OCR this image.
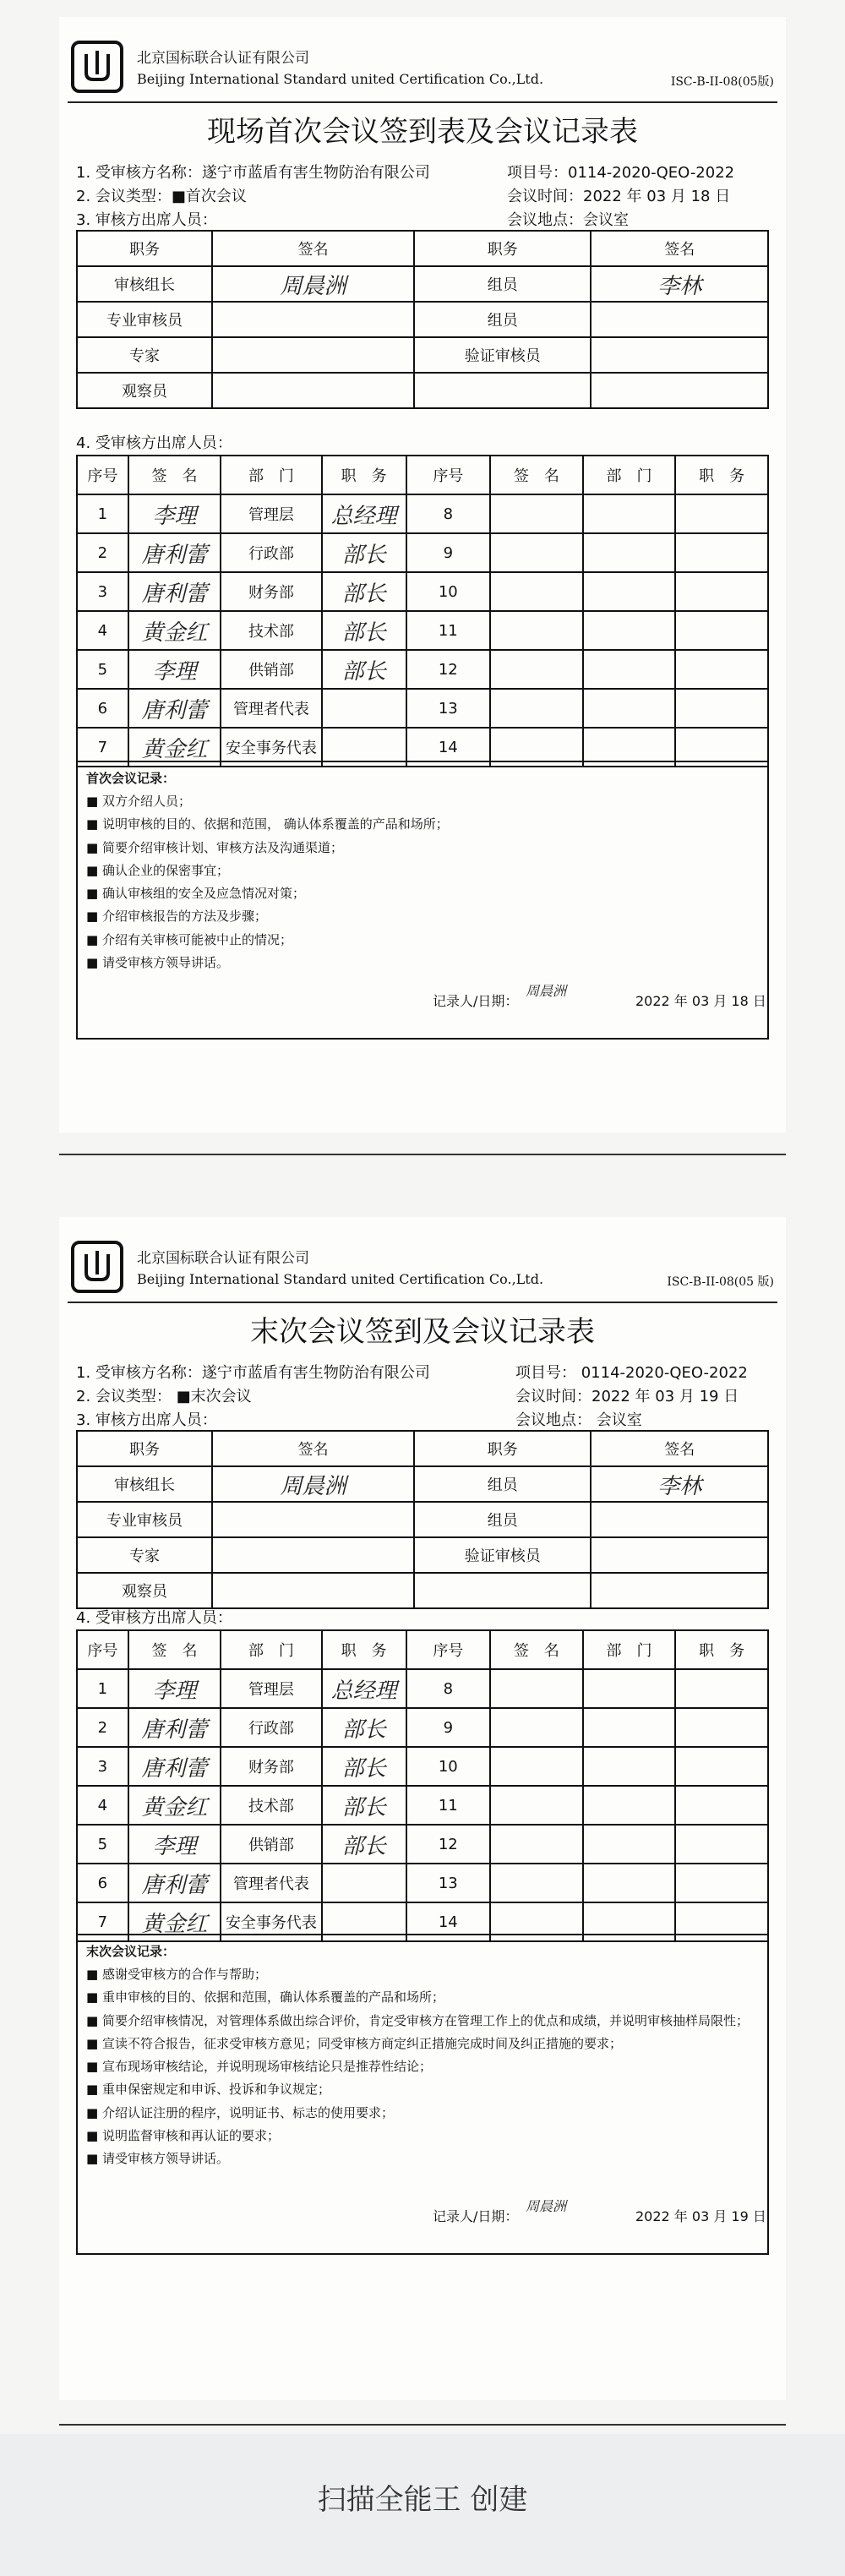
北京国标联合认证有限公司
Beijing International Standard united Certification Co.,Ltd.	ISC-B-II-08(05版)
现场首次会议签到表及会议记录表
1. 受审核方名称：遂宁市蓝盾有害生物防治有限公司	项目号：0114-2020-QEO-2022
2. 会议类型：■首次会议	会议时间：2022 年 03 月 18 日
3. 审核方出席人员：	会议地点：会议室
职务	签名	职务	签名
审核组长	周晨洲	组员	李林
专业审核员		组员	
专家		验证审核员	
观察员			
4. 受审核方出席人员：
序号	签　名	部　门	职　务	序号	签　名	部　门	职　务
1	李理	管理层	总经理	8			
2	唐利蕾	行政部	部长	9			
3	唐利蕾	财务部	部长	10			
4	黄金红	技术部	部长	11			
5	李理	供销部	部长	12			
6	唐利蕾	管理者代表		13			
7	黄金红	安全事务代表		14			
首次会议记录：
■ 双方介绍人员；
■ 说明审核的目的、依据和范围， 确认体系覆盖的产品和场所；
■ 简要介绍审核计划、审核方法及沟通渠道；
■ 确认企业的保密事宜；
■ 确认审核组的安全及应急情况对策；
■ 介绍审核报告的方法及步骤；
■ 介绍有关审核可能被中止的情况；
■ 请受审核方领导讲话。
记录人/日期：
周晨洲
2022 年 03 月 18 日
北京国标联合认证有限公司
Beijing International Standard united Certification Co.,Ltd.	ISC-B-II-08(05 版)
末次会议签到及会议记录表
1. 受审核方名称：遂宁市蓝盾有害生物防治有限公司	项目号： 0114-2020-QEO-2022
2. 会议类型： ■末次会议	会议时间：2022 年 03 月 19 日
3. 审核方出席人员：	会议地点： 会议室
职务	签名	职务	签名
审核组长	周晨洲	组员	李林
专业审核员		组员	
专家		验证审核员	
观察员			
4. 受审核方出席人员：
序号	签　名	部　门	职　务	序号	签　名	部　门	职　务
1	李理	管理层	总经理	8			
2	唐利蕾	行政部	部长	9			
3	唐利蕾	财务部	部长	10			
4	黄金红	技术部	部长	11			
5	李理	供销部	部长	12			
6	唐利蕾	管理者代表		13			
7	黄金红	安全事务代表		14			
末次会议记录：
■ 感谢受审核方的合作与帮助；
■ 重申审核的目的、依据和范围，确认体系覆盖的产品和场所；
■ 简要介绍审核情况，对管理体系做出综合评价，肯定受审核方在管理工作上的优点和成绩，并说明审核抽样局限性；
■ 宣读不符合报告，征求受审核方意见；同受审核方商定纠正措施完成时间及纠正措施的要求；
■ 宣布现场审核结论，并说明现场审核结论只是推荐性结论；
■ 重申保密规定和申诉、投诉和争议规定；
■ 介绍认证注册的程序，说明证书、标志的使用要求；
■ 说明监督审核和再认证的要求；
■ 请受审核方领导讲话。
记录人/日期：
周晨洲
2022 年 03 月 19 日
扫描全能王 创建
